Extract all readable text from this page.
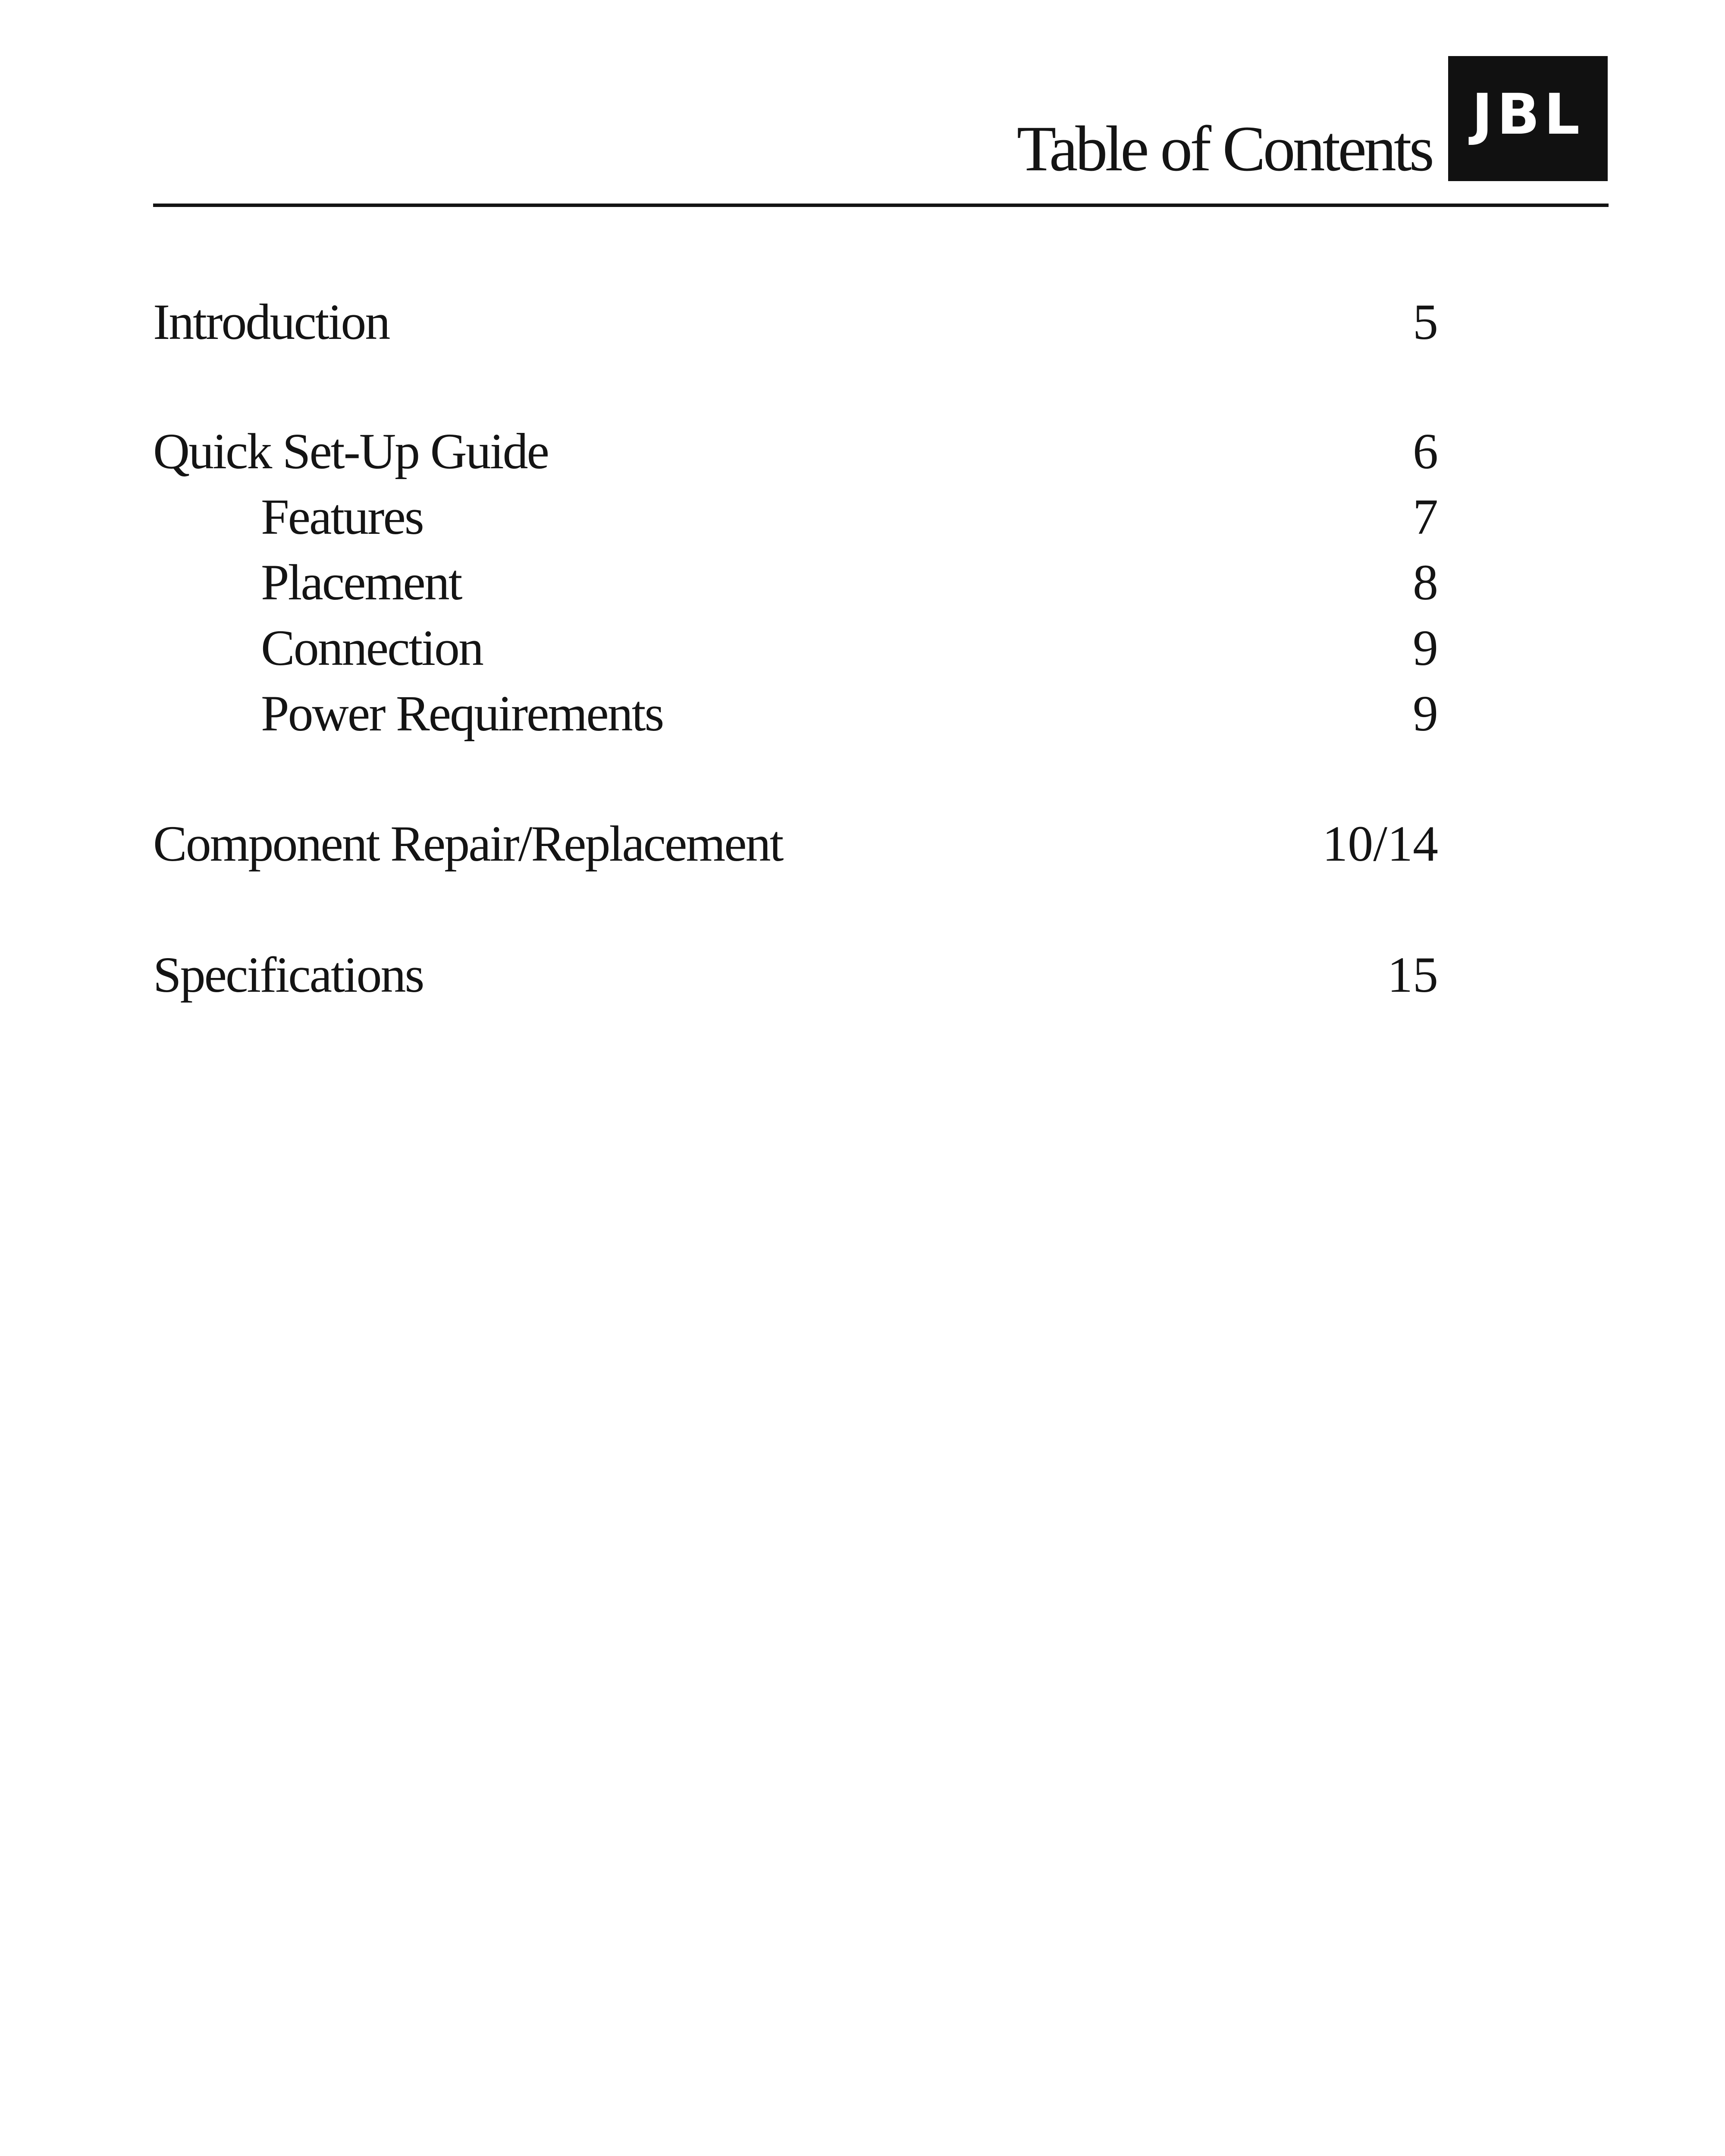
Table of Contents JBL
Introduction	5
Quick Set-Up Guide	6
Features	7
Placement	8
Connection	9
Power Requirements	9
Component Repair/Replacement	10/14
Specifications	15
